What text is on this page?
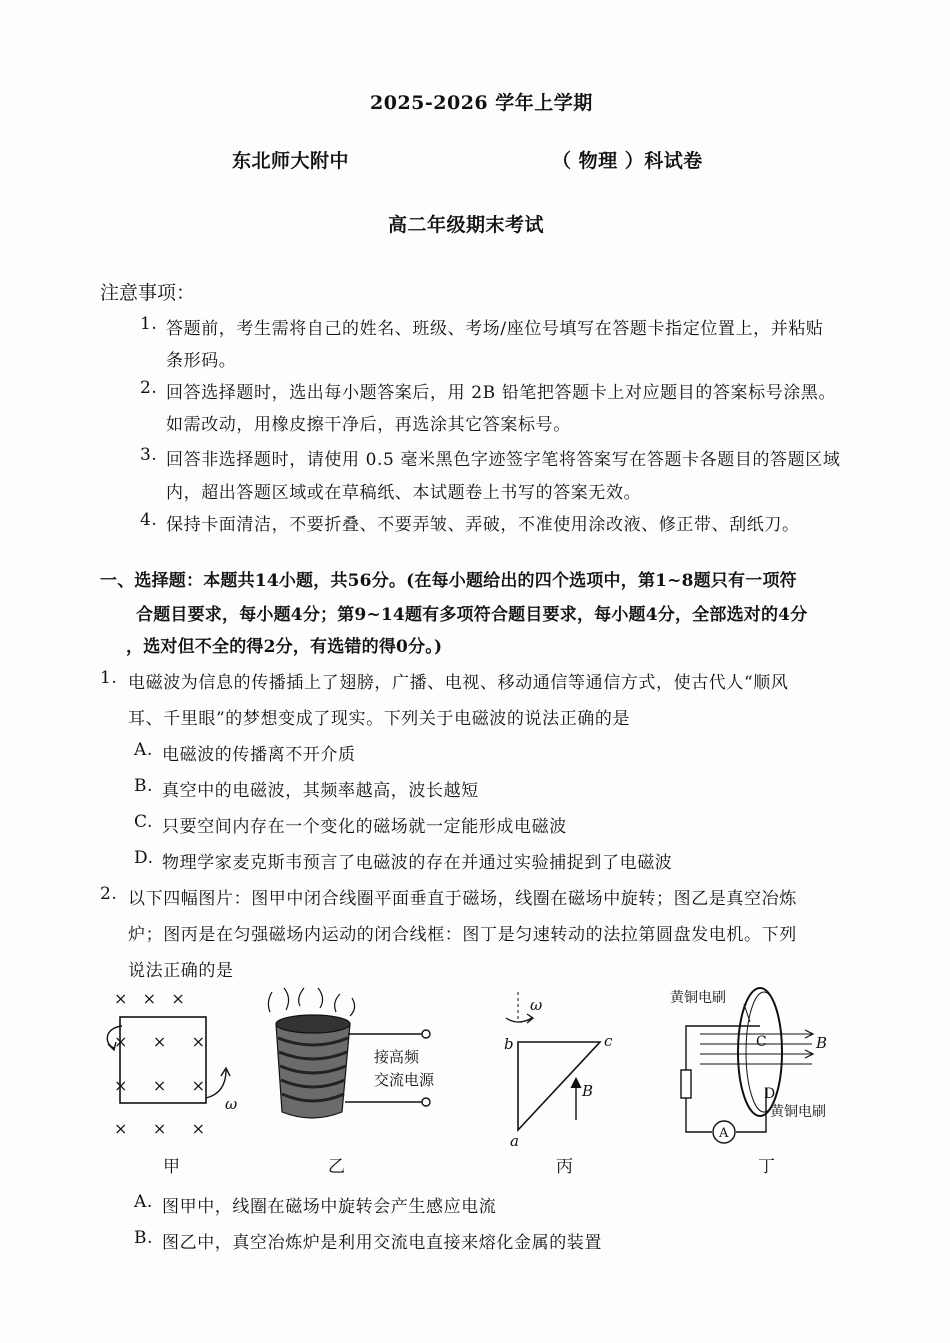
2025-2026 学年上学期
东北师大附中	（ 物理 ）科试卷
高二年级期末考试
注意事项：
1. 答题前，考生需将自己的姓名、班级、考场/座位号填写在答题卡指定位置上，并粘贴
条形码。
2. 回答选择题时，选出每小题答案后，用 2B 铅笔把答题卡上对应题目的答案标号涂黑。
如需改动，用橡皮擦干净后，再选涂其它答案标号。
3. 回答非选择题时，请使用 0.5 毫米黑色字迹签字笔将答案写在答题卡各题目的答题区域
内，超出答题区域或在草稿纸、本试题卷上书写的答案无效。
4. 保持卡面清洁，不要折叠、不要弄皱、弄破，不准使用涂改液、修正带、刮纸刀。
一、选择题：本题共14小题，共56分。(在每小题给出的四个选项中，第1~8题只有一项符
合题目要求，每小题4分；第9~14题有多项符合题目要求，每小题4分，全部选对的4分
，选对但不全的得2分，有选错的得0分。)
1. 电磁波为信息的传播插上了翅膀，广播、电视、移动通信等通信方式，使古代人“顺风
耳、千里眼”的梦想变成了现实。下列关于电磁波的说法正确的是
A. 电磁波的传播离不开介质
B. 真空中的电磁波，其频率越高，波长越短
C. 只要空间内存在一个变化的磁场就一定能形成电磁波
D. 物理学家麦克斯韦预言了电磁波的存在并通过实验捕捉到了电磁波
2. 以下四幅图片：图甲中闭合线圈平面垂直于磁场，线圈在磁场中旋转；图乙是真空冶炼
炉；图丙是在匀强磁场内运动的闭合线框：图丁是匀速转动的法拉第圆盘发电机。下列
说法正确的是
×   ×   ×
×     ×     ×
×     ×     ×
×     ×     ×
ω
甲
接高频
交流电源
乙
ω
b	c
a
B
丙
B
C
D
黄铜电刷
黄铜电刷
A
丁
A. 图甲中，线圈在磁场中旋转会产生感应电流
B. 图乙中，真空冶炼炉是利用交流电直接来熔化金属的装置
